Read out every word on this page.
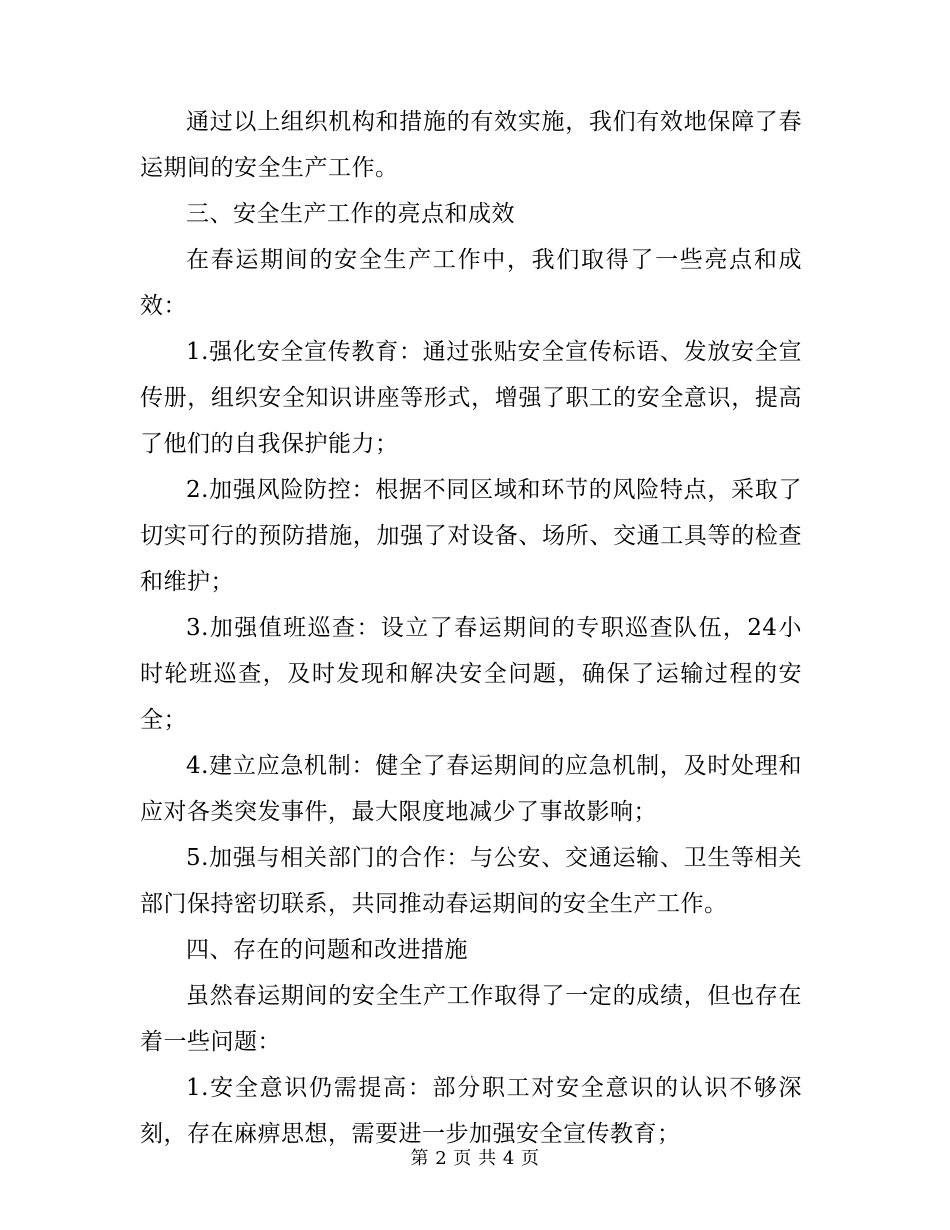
通过以上组织机构和措施的有效实施，我们有效地保障了春运期间的安全生产工作。

三、安全生产工作的亮点和成效

在春运期间的安全生产工作中，我们取得了一些亮点和成效：

1.强化安全宣传教育：通过张贴安全宣传标语、发放安全宣传册，组织安全知识讲座等形式，增强了职工的安全意识，提高了他们的自我保护能力；

2.加强风险防控：根据不同区域和环节的风险特点，采取了切实可行的预防措施，加强了对设备、场所、交通工具等的检查和维护；

3.加强值班巡查：设立了春运期间的专职巡查队伍，24小时轮班巡查，及时发现和解决安全问题，确保了运输过程的安全；

4.建立应急机制：健全了春运期间的应急机制，及时处理和应对各类突发事件，最大限度地减少了事故影响；

5.加强与相关部门的合作：与公安、交通运输、卫生等相关部门保持密切联系，共同推动春运期间的安全生产工作。

四、存在的问题和改进措施

虽然春运期间的安全生产工作取得了一定的成绩，但也存在着一些问题：

1.安全意识仍需提高：部分职工对安全意识的认识不够深刻，存在麻痹思想，需要进一步加强安全宣传教育；

第 2 页 共 4 页
